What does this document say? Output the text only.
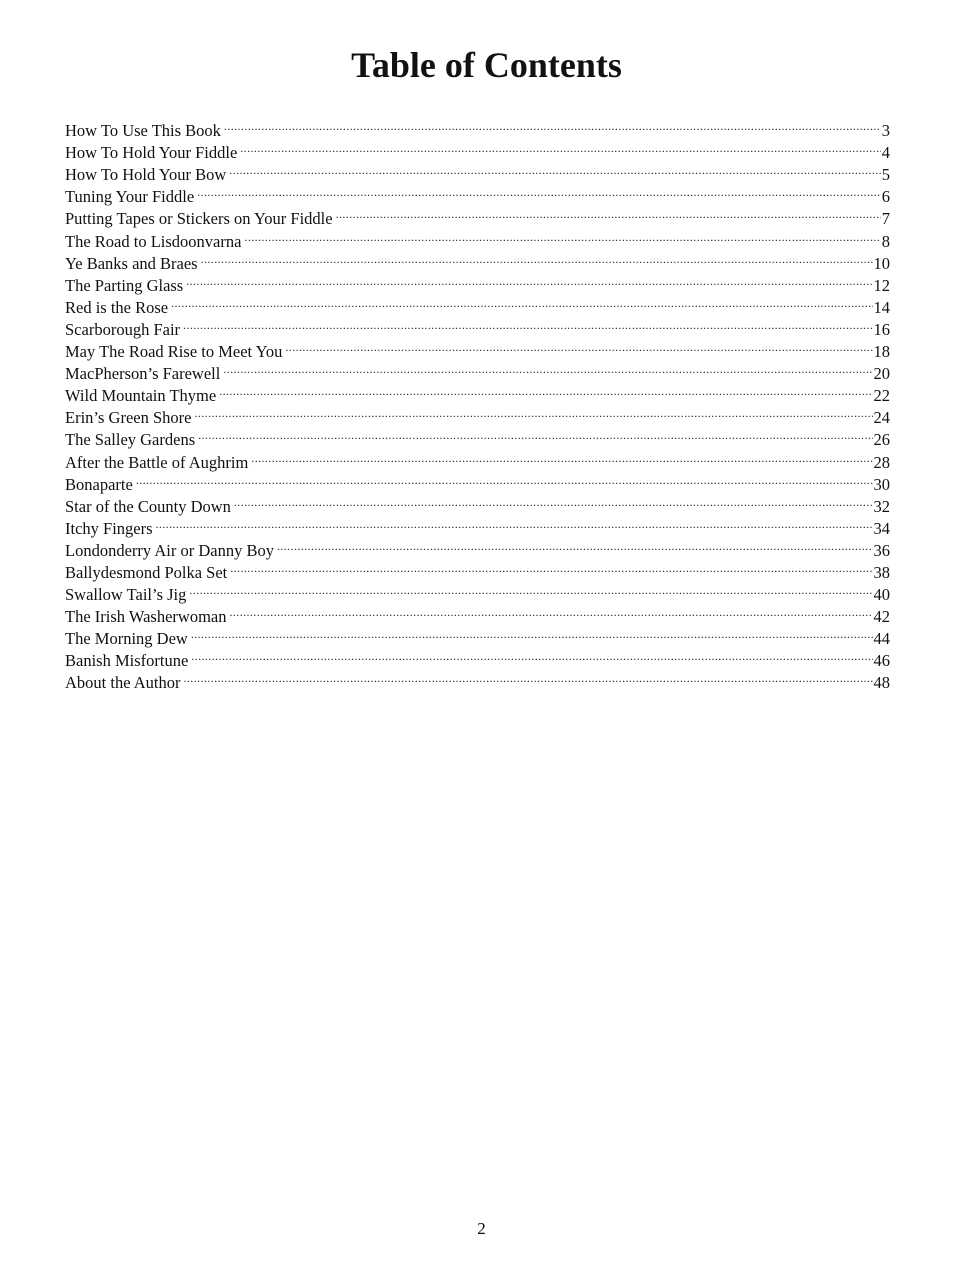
Table of Contents
How To Use This Book .....	3
How To Hold Your Fiddle .....	4
How To Hold Your Bow .....	5
Tuning Your Fiddle .....	6
Putting Tapes or Stickers on Your Fiddle .....	7
The Road to Lisdoonvarna .....	8
Ye Banks and Braes .....	10
The Parting Glass .....	12
Red is the Rose .....	14
Scarborough Fair .....	16
May The Road Rise to Meet You .....	18
MacPherson’s Farewell .....	20
Wild Mountain Thyme .....	22
Erin’s Green Shore .....	24
The Salley Gardens .....	26
After the Battle of Aughrim .....	28
Bonaparte .....	30
Star of the County Down .....	32
Itchy Fingers .....	34
Londonderry Air or Danny Boy .....	36
Ballydesmond Polka Set .....	38
Swallow Tail’s Jig .....	40
The Irish Washerwoman .....	42
The Morning Dew .....	44
Banish Misfortune .....	46
About the Author .....	48
2
